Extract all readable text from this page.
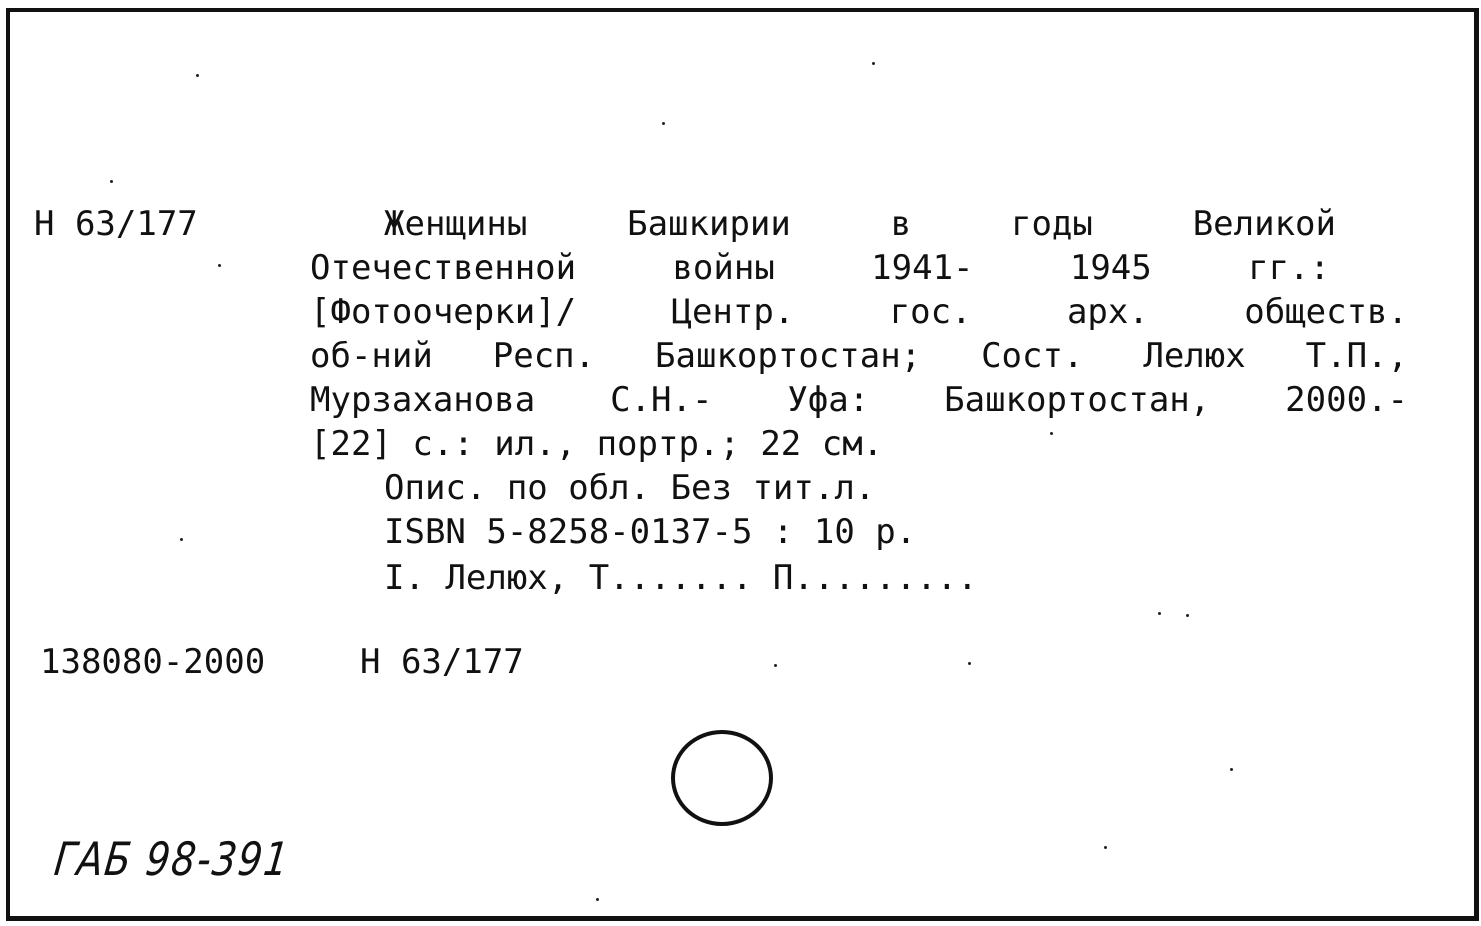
Н 63/177	Женщины	Башкирии	в	годы	Великой
Отечественной	войны	1941-	1945	гг.:
[Фотоочерки]/	Центр.	гос.	арх.	обществ.
об-ний Респ. Башкортостан; Сост. Лелюх Т.П.,
Мурзаханова С.Н.- Уфа: Башкортостан, 2000.-
[22] с.: ил., портр.; 22 см.
Опис. по обл. Без тит.л.
ISBN 5-8258-0137-5 : 10 р.
I. Лелюх, Т....... П.........
138080-2000	Н 63/177
ГАБ 98-391
